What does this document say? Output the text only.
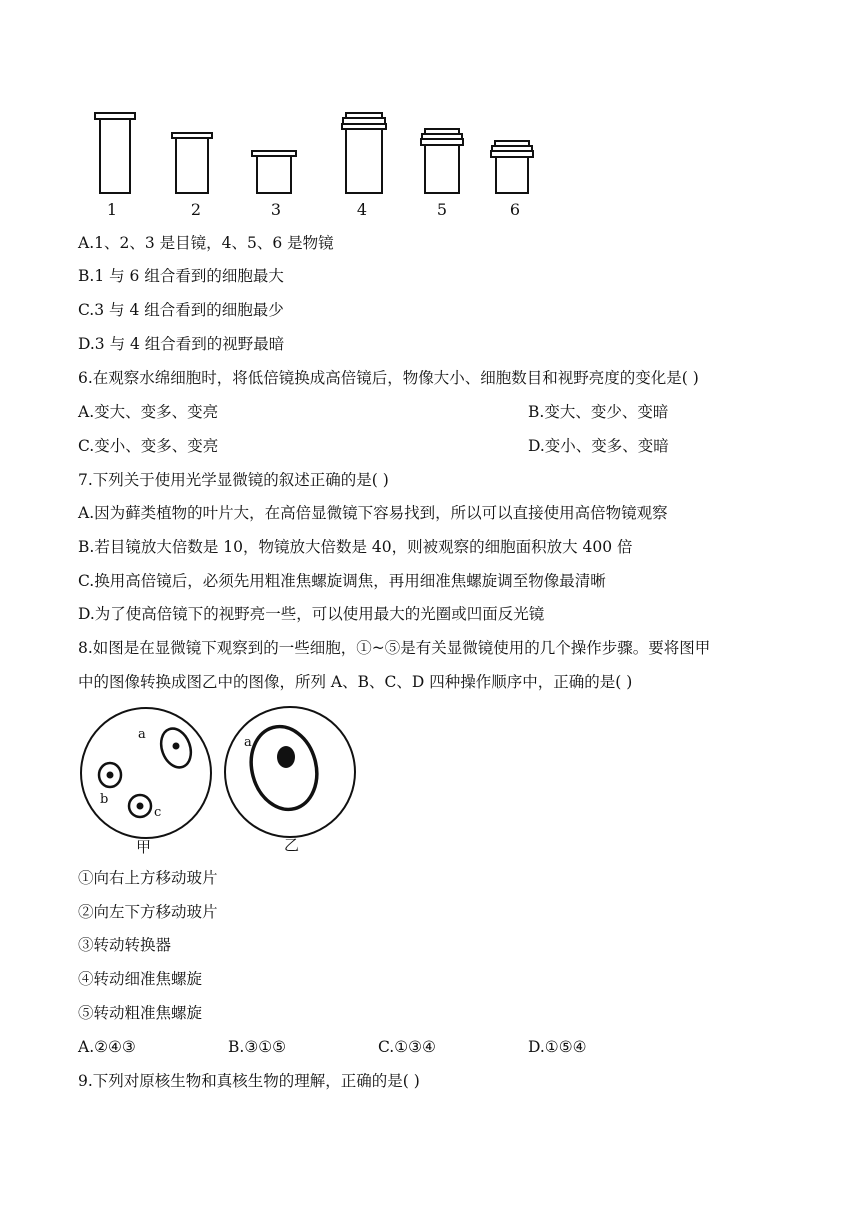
1	2	3	4	5	6
A.1、2、3 是目镜，4、5、6 是物镜
B.1 与 6 组合看到的细胞最大
C.3 与 4 组合看到的细胞最少
D.3 与 4 组合看到的视野最暗
6.在观察水绵细胞时，将低倍镜换成高倍镜后，物像大小、细胞数目和视野亮度的变化是( )
A.变大、变多、变亮	B.变大、变少、变暗
C.变小、变多、变亮	D.变小、变多、变暗
7.下列关于使用光学显微镜的叙述正确的是( )
A.因为藓类植物的叶片大，在高倍显微镜下容易找到，所以可以直接使用高倍物镜观察
B.若目镜放大倍数是 10，物镜放大倍数是 40，则被观察的细胞面积放大 400 倍
C.换用高倍镜后，必须先用粗准焦螺旋调焦，再用细准焦螺旋调至物像最清晰
D.为了使高倍镜下的视野亮一些，可以使用最大的光圈或凹面反光镜
8.如图是在显微镜下观察到的一些细胞，①~⑤是有关显微镜使用的几个操作步骤。要将图甲
中的图像转换成图乙中的图像，所列 A、B、C、D 四种操作顺序中，正确的是( )
a
b
c
甲
a
乙
①向右上方移动玻片
②向左下方移动玻片
③转动转换器
④转动细准焦螺旋
⑤转动粗准焦螺旋
A.②④③	B.③①⑤	C.①③④	D.①⑤④
9.下列对原核生物和真核生物的理解，正确的是( )
